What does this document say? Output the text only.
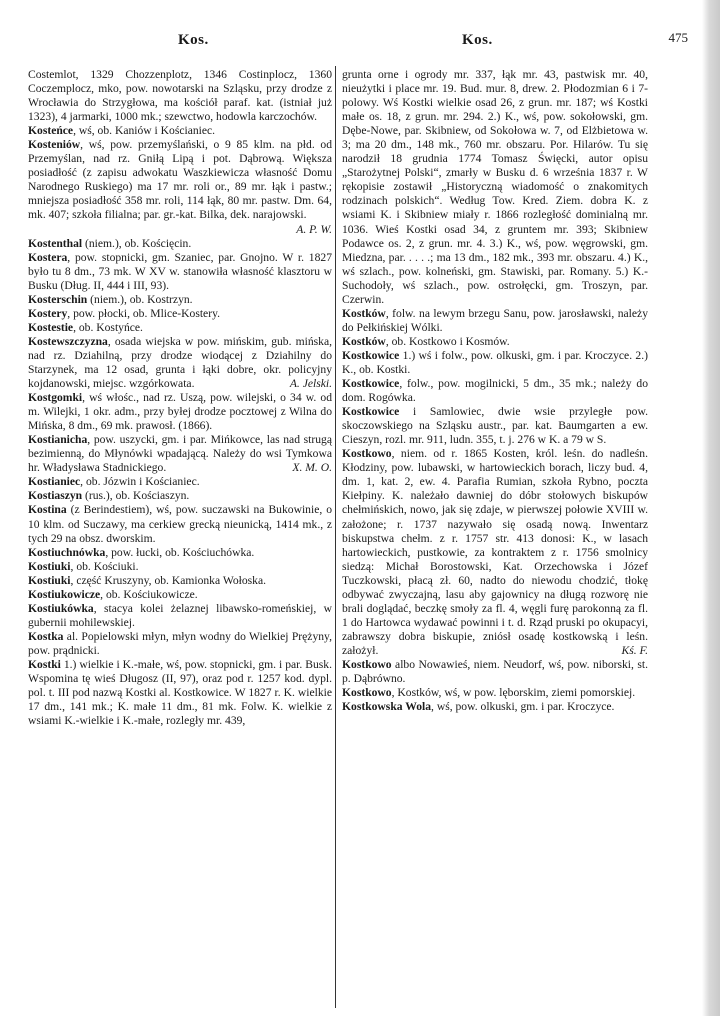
Kos.	Kos.	475

Costemlot, 1329 Chozzenplotz, 1346 Costinplocz, 1360 Coczemplocz, mko, pow. nowotarski na Szląsku, przy drodze z Wrocławia do Strzygłowa, ma kościół paraf. kat. (istniał już 1323), 4 jarmarki, 1000 mk.; szewctwo, hodowla karczochów.

Kosteńce, wś, ob. Kaniów i Kościaniec.

Kosteniów, wś, pow. przemyślański, o 9 85 klm. na płd. od Przemyślan, nad rz. Gniłą Lipą i pot. Dąbrową. Większa posiadłość (z zapisu adwokatu Waszkiewicza własność Domu Narodnego Ruskiego) ma 17 mr. roli or., 89 mr. łąk i pastw.; mniejsza posiadłość 358 mr. roli, 114 łąk, 80 mr. pastw. Dm. 64, mk. 407; szkoła filialna; par. gr.-kat. Bilka, dek. narajowski.
A. P. W.

Kostenthal (niem.), ob. Kościęcin.

Kostera, pow. stopnicki, gm. Szaniec, par. Gnojno. W r. 1827 było tu 8 dm., 73 mk. W XV w. stanowiła własność klasztoru w Busku (Dług. II, 444 i III, 93).

Kosterschin (niem.), ob. Kostrzyn.

Kostery, pow. płocki, ob. Mlice-Kostery.

Kostestie, ob. Kostyńce.

Kostewszczyzna, osada wiejska w pow. mińskim, gub. mińska, nad rz. Dziahilną, przy drodze wiodącej z Dziahilny do Starzynek, ma 12 osad, grunta i łąki dobre, okr. policyjny kojdanowski, miejsc. wzgórkowata.	A. Jelski.

Kostgomki, wś włośc., nad rz. Uszą, pow. wilejski, o 34 w. od m. Wilejki, 1 okr. adm., przy byłej drodze pocztowej z Wilna do Mińska, 8 dm., 69 mk. prawosł. (1866).

Kostianicha, pow. uszycki, gm. i par. Mińkowce, las nad strugą bezimienną, do Młynówki wpadającą. Należy do wsi Tymkowa hr. Władysława Stadnickiego.	X. M. O.

Kostianiec, ob. Józwin i Kościaniec.

Kostiaszyn (rus.), ob. Kościaszyn.

Kostina (z Berindestiem), wś, pow. suczawski na Bukowinie, o 10 klm. od Suczawy, ma cerkiew grecką nieunicką, 1414 mk., z tych 29 na obsz. dworskim.

Kostiuchnówka, pow. łucki, ob. Kościuchówka.

Kostiuki, ob. Kościuki.

Kostiuki, część Kruszyny, ob. Kamionka Wołoska.

Kostiukowicze, ob. Kościukowicze.

Kostiukówka, stacya kolei żelaznej libawsko-romeńskiej, w gubernii mohilewskiej.

Kostka al. Popielowski młyn, młyn wodny do Wielkiej Prężyny, pow. prądnicki.

Kostki 1.) wielkie i K.-małe, wś, pow. stopnicki, gm. i par. Busk. Wspomina tę wieś Długosz (II, 97), oraz pod r. 1257 kod. dypl. pol. t. III pod nazwą Kostki al. Kostkowice. W 1827 r. K. wielkie 17 dm., 141 mk.; K. małe 11 dm., 81 mk. Folw. K. wielkie z wsiami K.-wielkie i K.-małe, rozległy mr. 439,

grunta orne i ogrody mr. 337, łąk mr. 43, pastwisk mr. 40, nieużytki i place mr. 19. Bud. mur. 8, drew. 2. Płodozmian 6 i 7-polowy. Wś Kostki wielkie osad 26, z grun. mr. 187; wś Kostki małe os. 18, z grun. mr. 294. 2.) K., wś, pow. sokołowski, gm. Dębe-Nowe, par. Skibniew, od Sokołowa w. 7, od Elżbietowa w. 3; ma 20 dm., 148 mk., 760 mr. obszaru. Por. Hilarów. Tu się narodził 18 grudnia 1774 Tomasz Święcki, autor opisu „Starożytnej Polski“, zmarły w Busku d. 6 września 1837 r. W rękopisie zostawił „Historyczną wiadomość o znakomitych rodzinach polskich“. Według Tow. Kred. Ziem. dobra K. z wsiami K. i Skibniew miały r. 1866 rozległość dominialną mr. 1036. Wieś Kostki osad 34, z gruntem mr. 393; Skibniew Podawce os. 2, z grun. mr. 4. 3.) K., wś, pow. węgrowski, gm. Miedzna, par. . . . .; ma 13 dm., 182 mk., 393 mr. obszaru. 4.) K., wś szlach., pow. kolneński, gm. Stawiski, par. Romany. 5.) K.-Suchodoły, wś szlach., pow. ostrołęcki, gm. Troszyn, par. Czerwin.

Kostków, folw. na lewym brzegu Sanu, pow. jarosławski, należy do Pełkińskiej Wólki.

Kostków, ob. Kostkowo i Kosmów.

Kostkowice 1.) wś i folw., pow. olkuski, gm. i par. Kroczyce. 2.) K., ob. Kostki.

Kostkowice, folw., pow. mogilnicki, 5 dm., 35 mk.; należy do dom. Rogówka.

Kostkowice i Samlowiec, dwie wsie przyległe pow. skoczowskiego na Szląsku austr., par. kat. Baumgarten a ew. Cieszyn, rozl. mr. 911, ludn. 355, t. j. 276 w K. a 79 w S.

Kostkowo, niem. od r. 1865 Kosten, król. leśn. do nadleśn. Kłodziny, pow. lubawski, w hartowieckich borach, liczy bud. 4, dm. 1, kat. 2, ew. 4. Parafia Rumian, szkoła Rybno, poczta Kiełpiny. K. należało dawniej do dóbr stołowych biskupów chełmińskich, nowo, jak się zdaje, w pierwszej połowie XVIII w. założone; r. 1737 nazywało się osadą nową. Inwentarz biskupstwa chełm. z r. 1757 str. 413 donosi: K., w lasach hartowieckich, pustkowie, za kontraktem z r. 1756 smolnicy siedzą: Michał Borostowski, Kat. Orzechowska i Józef Tuczkowski, płacą zł. 60, nadto do niewodu chodzić, tłokę odbywać zwyczajną, lasu aby gajownicy na długą rozworę nie brali doglądać, beczkę smoły za fl. 4, węgli furę parokonną za fl. 1 do Hartowca wydawać powinni i t. d. Rząd pruski po okupacyi, zabrawszy dobra biskupie, zniósł osadę kostkowską i leśn. założył.	Kś. F.

Kostkowo albo Nowawieś, niem. Neudorf, wś, pow. niborski, st. p. Dąbrówno.

Kostkowo, Kostków, wś, w pow. lęborskim, ziemi pomorskiej.

Kostkowska Wola, wś, pow. olkuski, gm. i par. Kroczyce.
